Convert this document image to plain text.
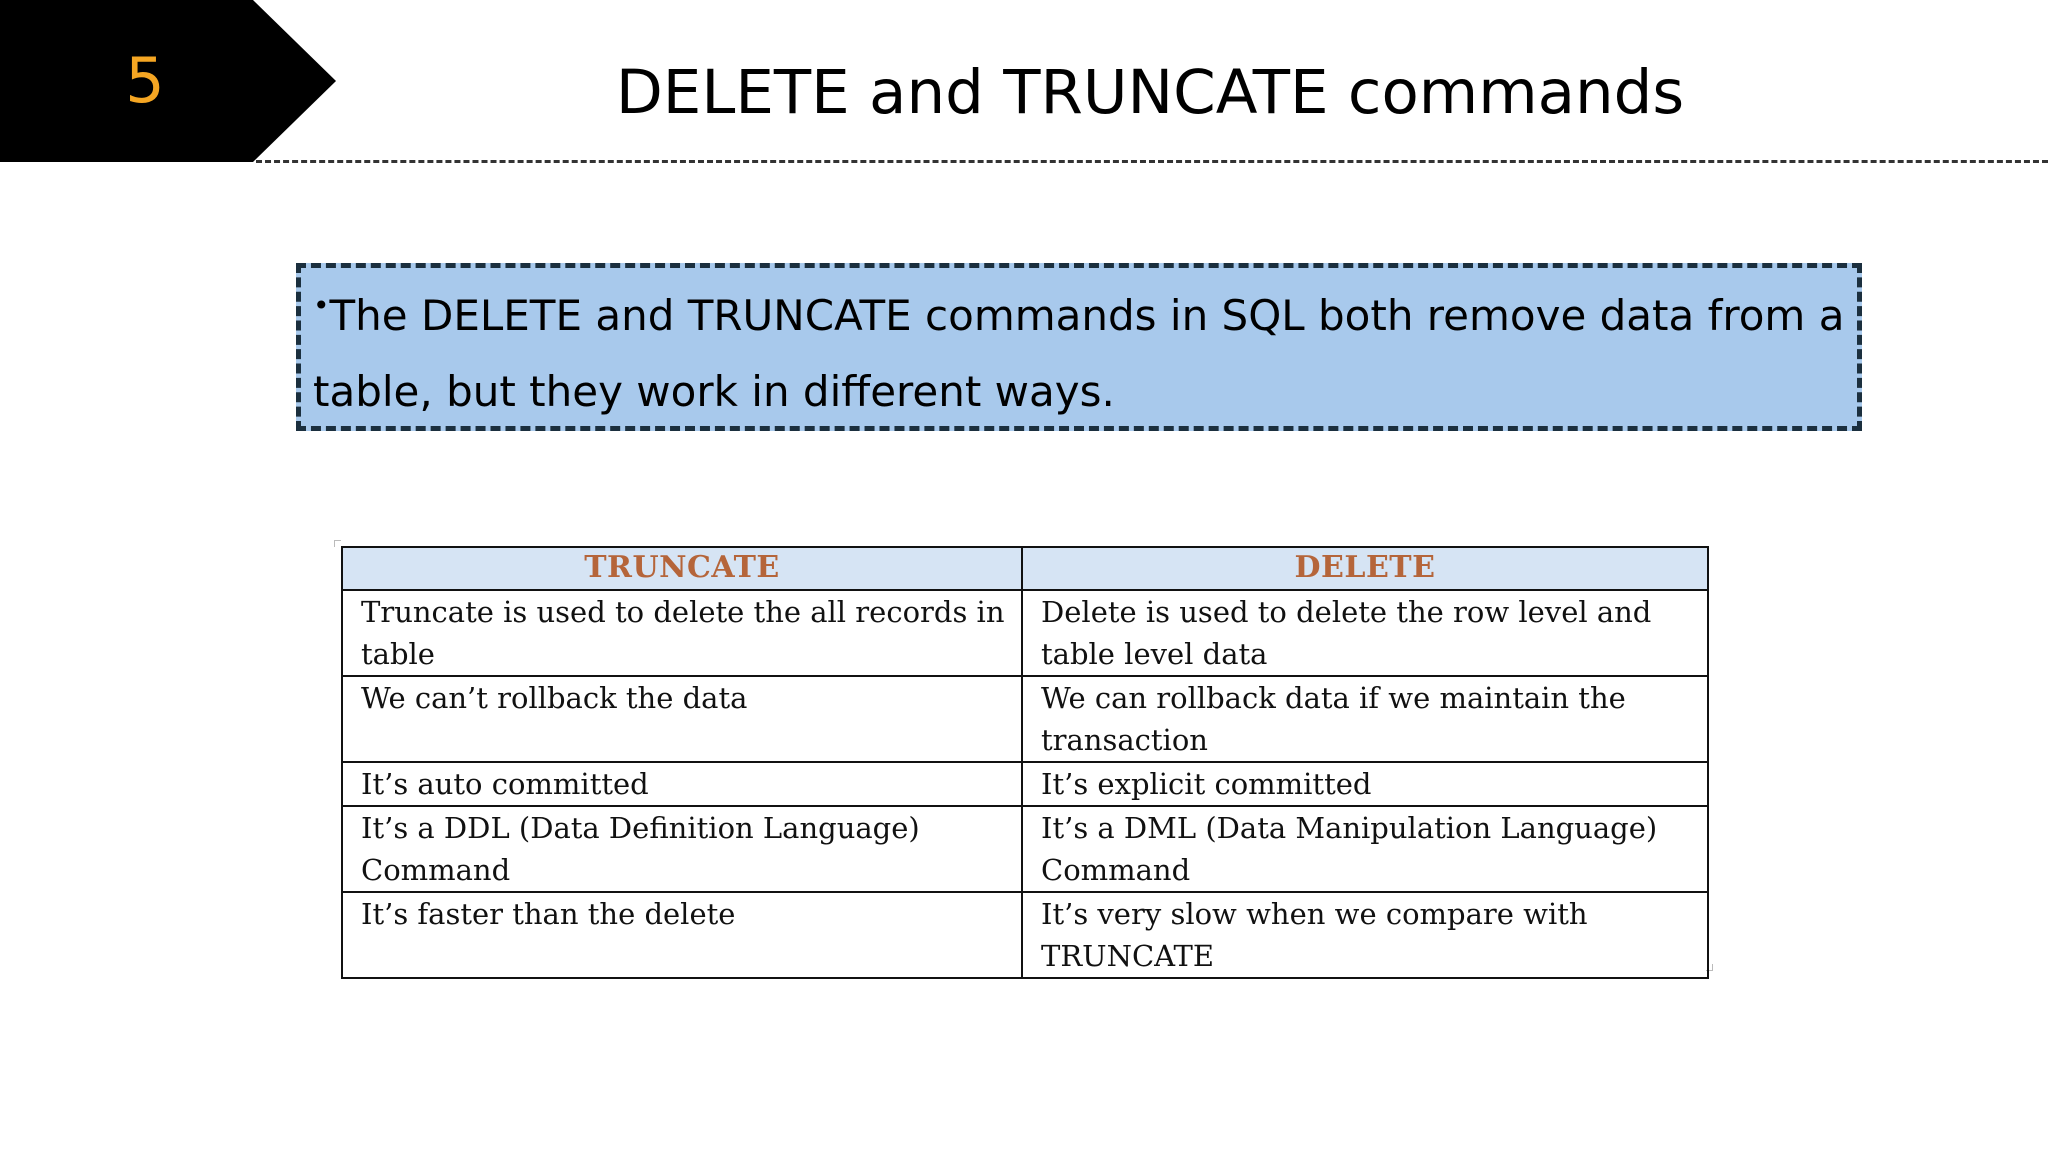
5	DELETE and TRUNCATE commands

•The DELETE and TRUNCATE commands in SQL both remove data from a table, but they work in different ways.

TRUNCATE	DELETE
Truncate is used to delete the all records in table	Delete is used to delete the row level and table level data
We can’t rollback the data	We can rollback data if we maintain the transaction
It’s auto committed	It’s explicit committed
It’s a DDL (Data Definition Language) Command	It’s a DML (Data Manipulation Language) Command
It’s faster than the delete	It’s very slow when we compare with TRUNCATE
